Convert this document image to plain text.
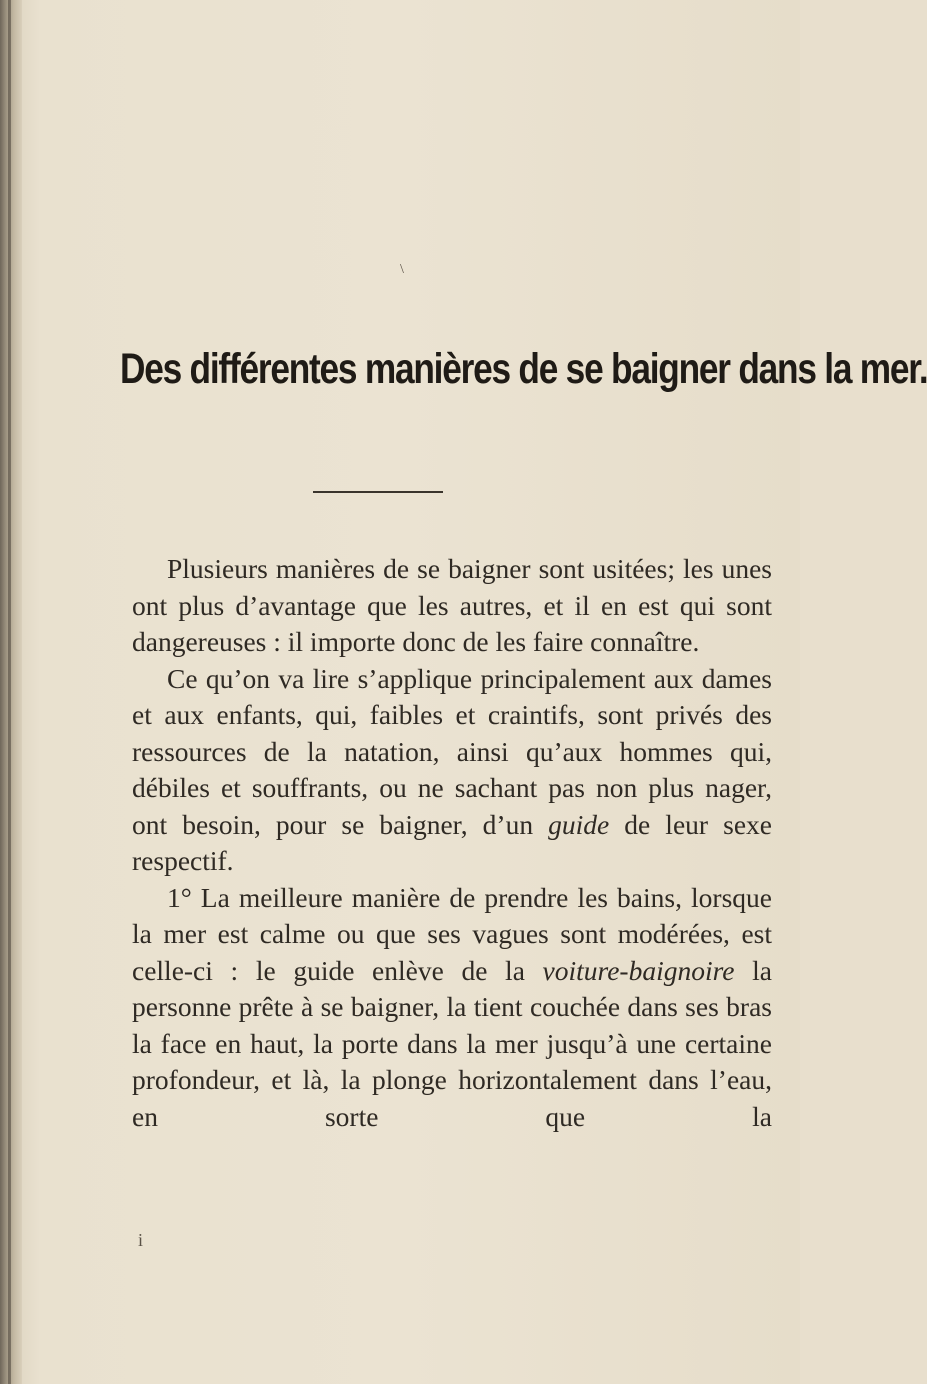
\
Des différentes manières de se baigner dans la mer.

Plusieurs manières de se baigner sont usitées; les unes ont plus d’avantage que les autres, et il en est qui sont dangereuses : il importe donc de les faire connaître.

Ce qu’on va lire s’applique principalement aux dames et aux enfants, qui, faibles et craintifs, sont privés des ressources de la natation, ainsi qu’aux hommes qui, débiles et souffrants, ou ne sachant pas non plus nager, ont besoin, pour se baigner, d’un guide de leur sexe respectif.

1° La meilleure manière de prendre les bains, lorsque la mer est calme ou que ses vagues sont modérées, est celle-ci : le guide enlève de la voiture-baignoire la personne prête à se baigner, la tient couchée dans ses bras la face en haut, la porte dans la mer jusqu’à une certaine profondeur, et là, la plonge horizontalement dans l’eau, en sorte que la

i
